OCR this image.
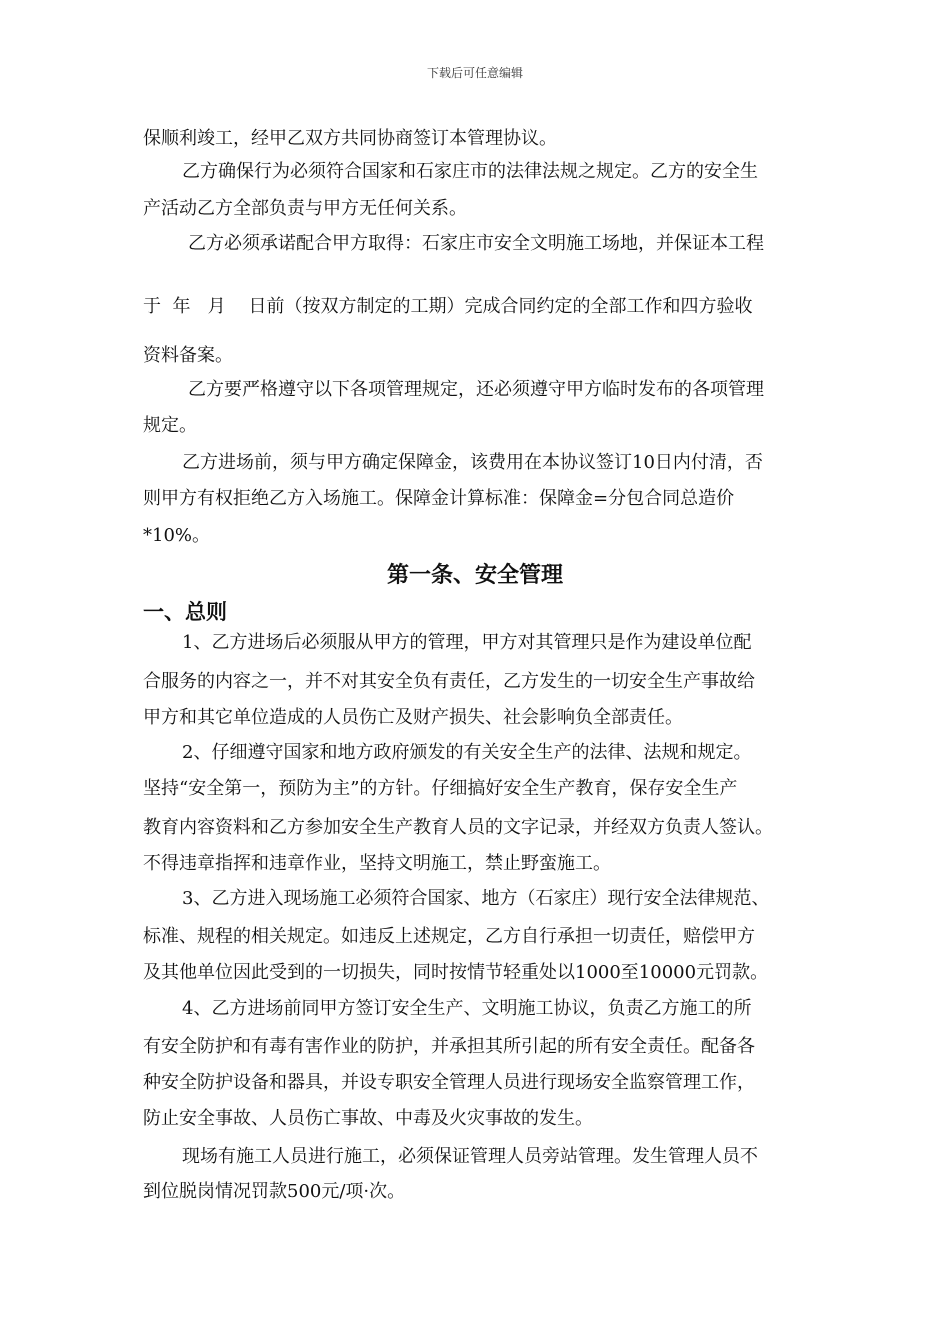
下载后可任意编辑
保顺利竣工，经甲乙双方共同协商签订本管理协议。
乙方确保行为必须符合国家和石家庄市的法律法规之规定。乙方的安全生
产活动乙方全部负责与甲方无任何关系。
乙方必须承诺配合甲方取得：石家庄市安全文明施工场地，并保证本工程
于  年   月    日前（按双方制定的工期）完成合同约定的全部工作和四方验收
资料备案。
乙方要严格遵守以下各项管理规定，还必须遵守甲方临时发布的各项管理
规定。
乙方进场前，须与甲方确定保障金，该费用在本协议签订10日内付清，否
则甲方有权拒绝乙方入场施工。保障金计算标准：保障金=分包合同总造价
*10%。
第一条、安全管理
一、总则
1、乙方进场后必须服从甲方的管理，甲方对其管理只是作为建设单位配
合服务的内容之一，并不对其安全负有责任，乙方发生的一切安全生产事故给
甲方和其它单位造成的人员伤亡及财产损失、社会影响负全部责任。
2、仔细遵守国家和地方政府颁发的有关安全生产的法律、法规和规定。
坚持“安全第一，预防为主”的方针。仔细搞好安全生产教育，保存安全生产
教育内容资料和乙方参加安全生产教育人员的文字记录，并经双方负责人签认。
不得违章指挥和违章作业，坚持文明施工，禁止野蛮施工。
3、乙方进入现场施工必须符合国家、地方（石家庄）现行安全法律规范、
标准、规程的相关规定。如违反上述规定，乙方自行承担一切责任，赔偿甲方
及其他单位因此受到的一切损失，同时按情节轻重处以1000至10000元罚款。
4、乙方进场前同甲方签订安全生产、文明施工协议，负责乙方施工的所
有安全防护和有毒有害作业的防护，并承担其所引起的所有安全责任。配备各
种安全防护设备和器具，并设专职安全管理人员进行现场安全监察管理工作，
防止安全事故、人员伤亡事故、中毒及火灾事故的发生。
现场有施工人员进行施工，必须保证管理人员旁站管理。发生管理人员不
到位脱岗情况罚款500元/项·次。
